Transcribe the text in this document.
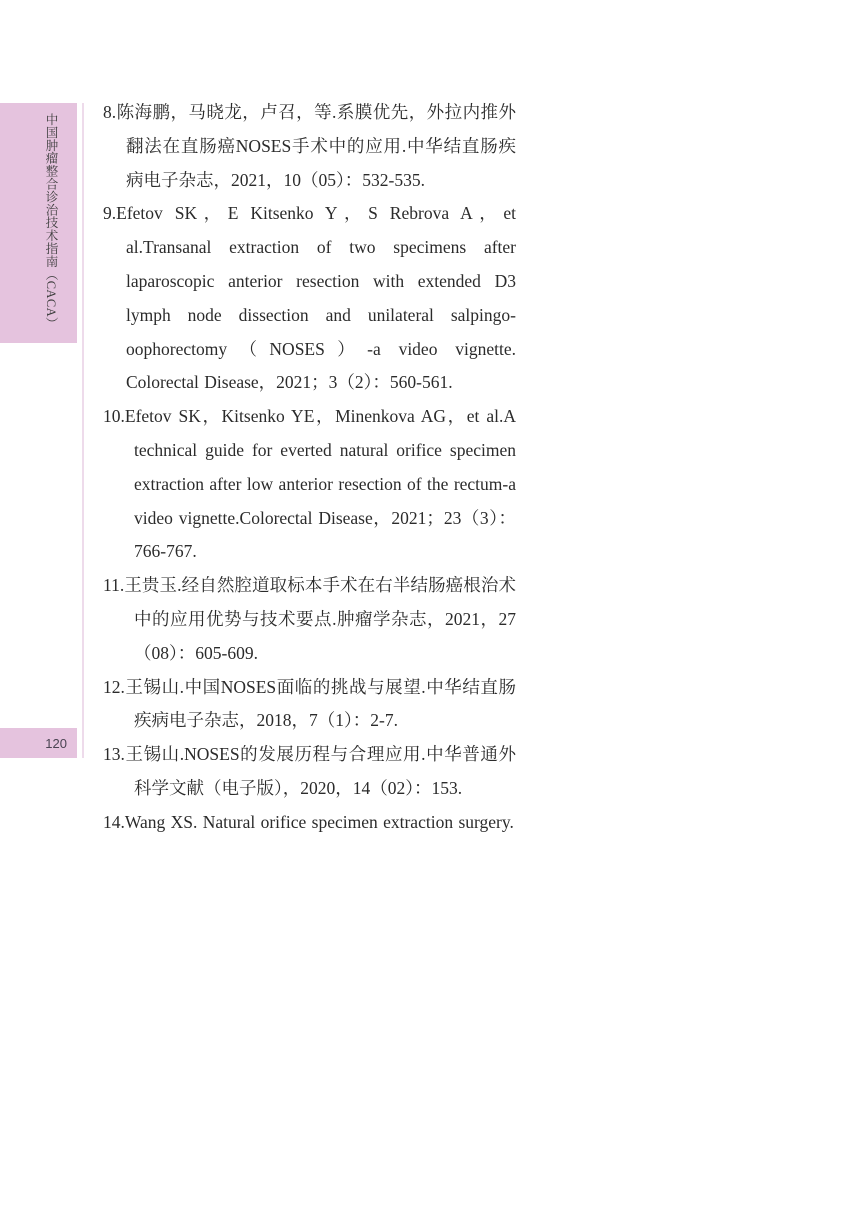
中国肿瘤整合诊治技术指南（CACA）
120

8.陈海鹏，马晓龙，卢召，等.系膜优先，外拉内推外翻法在直肠癌NOSES手术中的应用.中华结直肠疾病电子杂志，2021，10（05）：532-535.

9.Efetov SK，E Kitsenko Y，S Rebrova A，et al.Transanal extraction of two specimens after laparoscopic anterior resection with extended D3 lymph node dissection and unilateral salpingo-oophorectomy（NOSES）-a video vignette. Colorectal Disease，2021；3（2）：560-561.

10.Efetov SK，Kitsenko YE，Minenkova AG，et al.A technical guide for everted natural orifice specimen extraction after low anterior resection of the rectum-a video vignette.Colorectal Disease，2021；23（3）：766-767.

11.王贵玉.经自然腔道取标本手术在右半结肠癌根治术中的应用优势与技术要点.肿瘤学杂志，2021，27（08）：605-609.

12.王锡山.中国NOSES面临的挑战与展望.中华结直肠疾病电子杂志，2018，7（1）：2-7.

13.王锡山.NOSES的发展历程与合理应用.中华普通外科学文献（电子版），2020，14（02）：153.

14.Wang XS. Natural orifice specimen extraction surgery.
